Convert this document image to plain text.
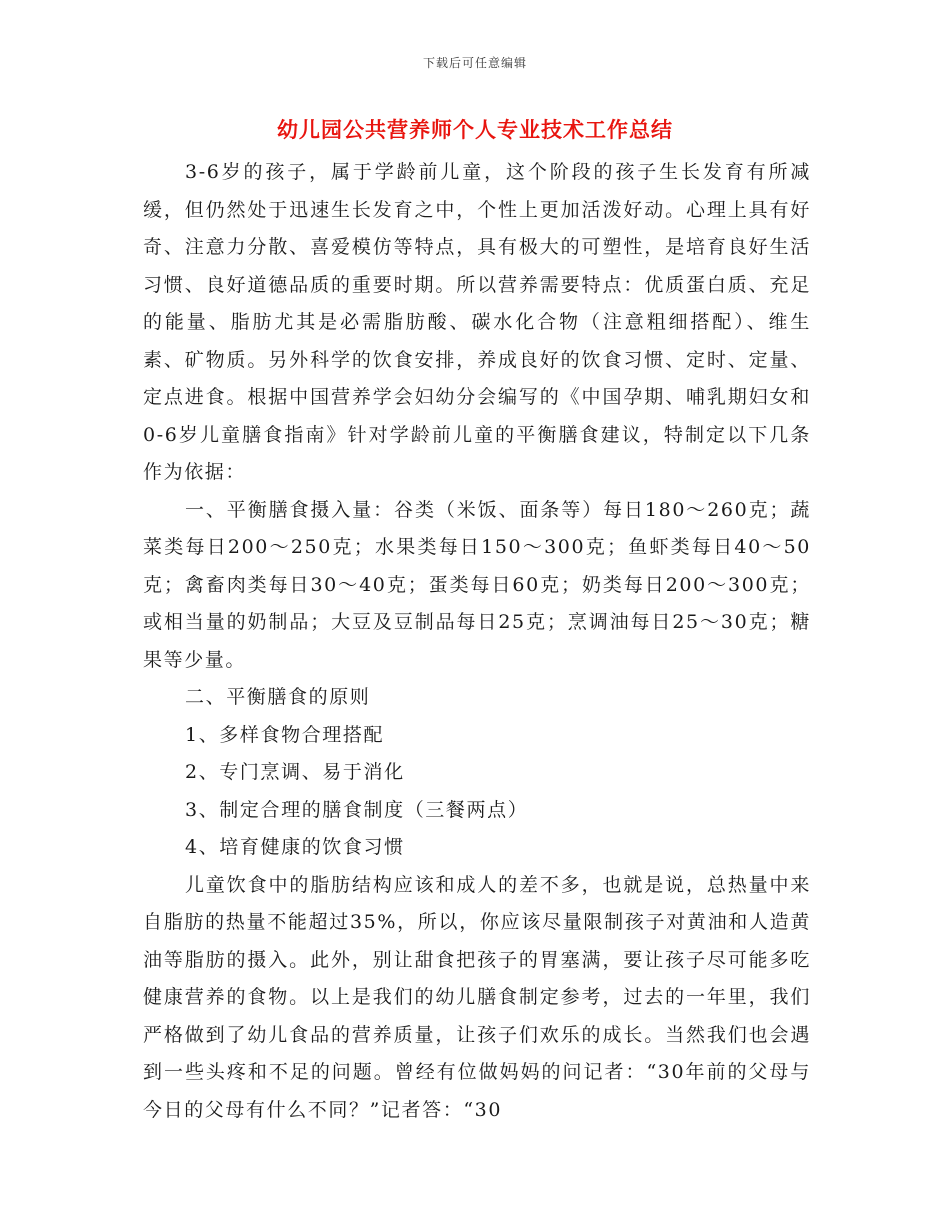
下载后可任意编辑
幼儿园公共营养师个人专业技术工作总结

3-6岁的孩子，属于学龄前儿童，这个阶段的孩子生长发育有所减缓，但仍然处于迅速生长发育之中，个性上更加活泼好动。心理上具有好奇、注意力分散、喜爱模仿等特点，具有极大的可塑性，是培育良好生活习惯、良好道德品质的重要时期。所以营养需要特点：优质蛋白质、充足的能量、脂肪尤其是必需脂肪酸、碳水化合物（注意粗细搭配）、维生素、矿物质。另外科学的饮食安排，养成良好的饮食习惯、定时、定量、定点进食。根据中国营养学会妇幼分会编写的《中国孕期、哺乳期妇女和0-6岁儿童膳食指南》针对学龄前儿童的平衡膳食建议，特制定以下几条作为依据：

一、平衡膳食摄入量：谷类（米饭、面条等）每日180～260克；蔬菜类每日200～250克；水果类每日150～300克；鱼虾类每日40～50克；禽畜肉类每日30～40克；蛋类每日60克；奶类每日200～300克；或相当量的奶制品；大豆及豆制品每日25克；烹调油每日25～30克；糖果等少量。

二、平衡膳食的原则

1、多样食物合理搭配

2、专门烹调、易于消化

3、制定合理的膳食制度（三餐两点）

4、培育健康的饮食习惯

儿童饮食中的脂肪结构应该和成人的差不多，也就是说，总热量中来自脂肪的热量不能超过35%，所以，你应该尽量限制孩子对黄油和人造黄油等脂肪的摄入。此外，别让甜食把孩子的胃塞满，要让孩子尽可能多吃健康营养的食物。以上是我们的幼儿膳食制定参考，过去的一年里，我们严格做到了幼儿食品的营养质量，让孩子们欢乐的成长。当然我们也会遇到一些头疼和不足的问题。曾经有位做妈妈的问记者：“30年前的父母与今日的父母有什么不同？”记者答：“30
